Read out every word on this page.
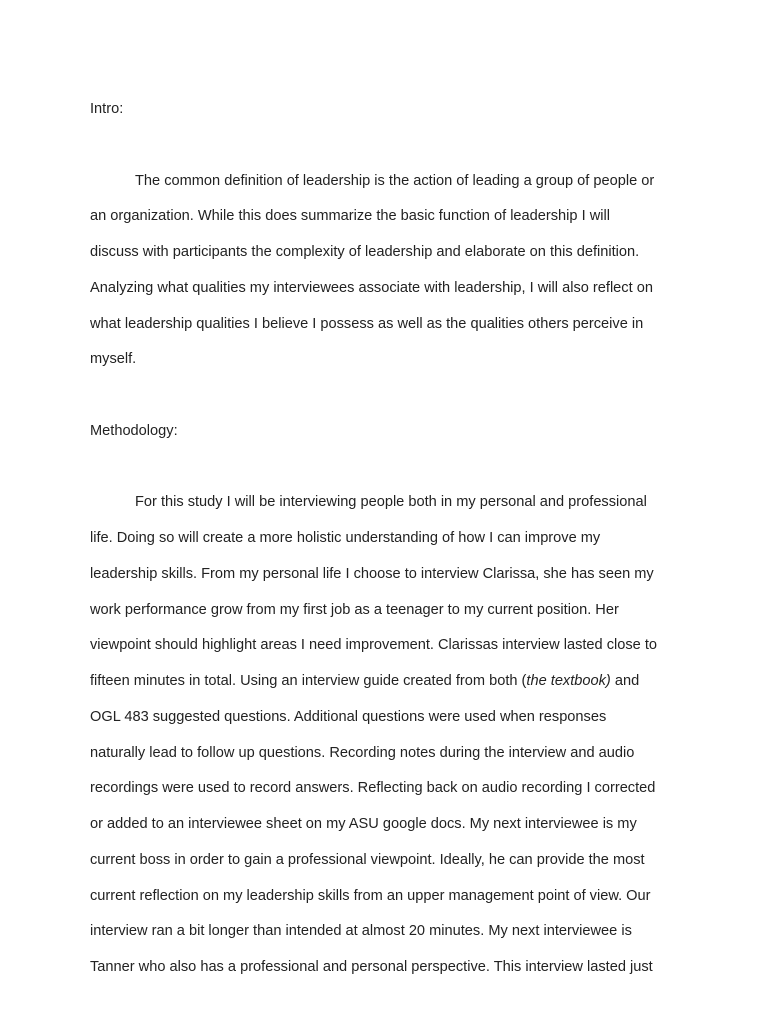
Intro:

The common definition of leadership is the action of leading a group of people or
an organization. While this does summarize the basic function of leadership I will
discuss with participants the complexity of leadership and elaborate on this definition.
Analyzing what qualities my interviewees associate with leadership, I will also reflect on
what leadership qualities I believe I possess as well as the qualities others perceive in
myself.

Methodology:

For this study I will be interviewing people both in my personal and professional
life. Doing so will create a more holistic understanding of how I can improve my
leadership skills. From my personal life I choose to interview Clarissa, she has seen my
work performance grow from my first job as a teenager to my current position. Her
viewpoint should highlight areas I need improvement. Clarissas interview lasted close to
fifteen minutes in total. Using an interview guide created from both (the textbook) and
OGL 483 suggested questions. Additional questions were used when responses
naturally lead to follow up questions. Recording notes during the interview and audio
recordings were used to record answers. Reflecting back on audio recording I corrected
or added to an interviewee sheet on my ASU google docs. My next interviewee is my
current boss in order to gain a professional viewpoint. Ideally, he can provide the most
current reflection on my leadership skills from an upper management point of view. Our
interview ran a bit longer than intended at almost 20 minutes. My next interviewee is
Tanner who also has a professional and personal perspective. This interview lasted just
